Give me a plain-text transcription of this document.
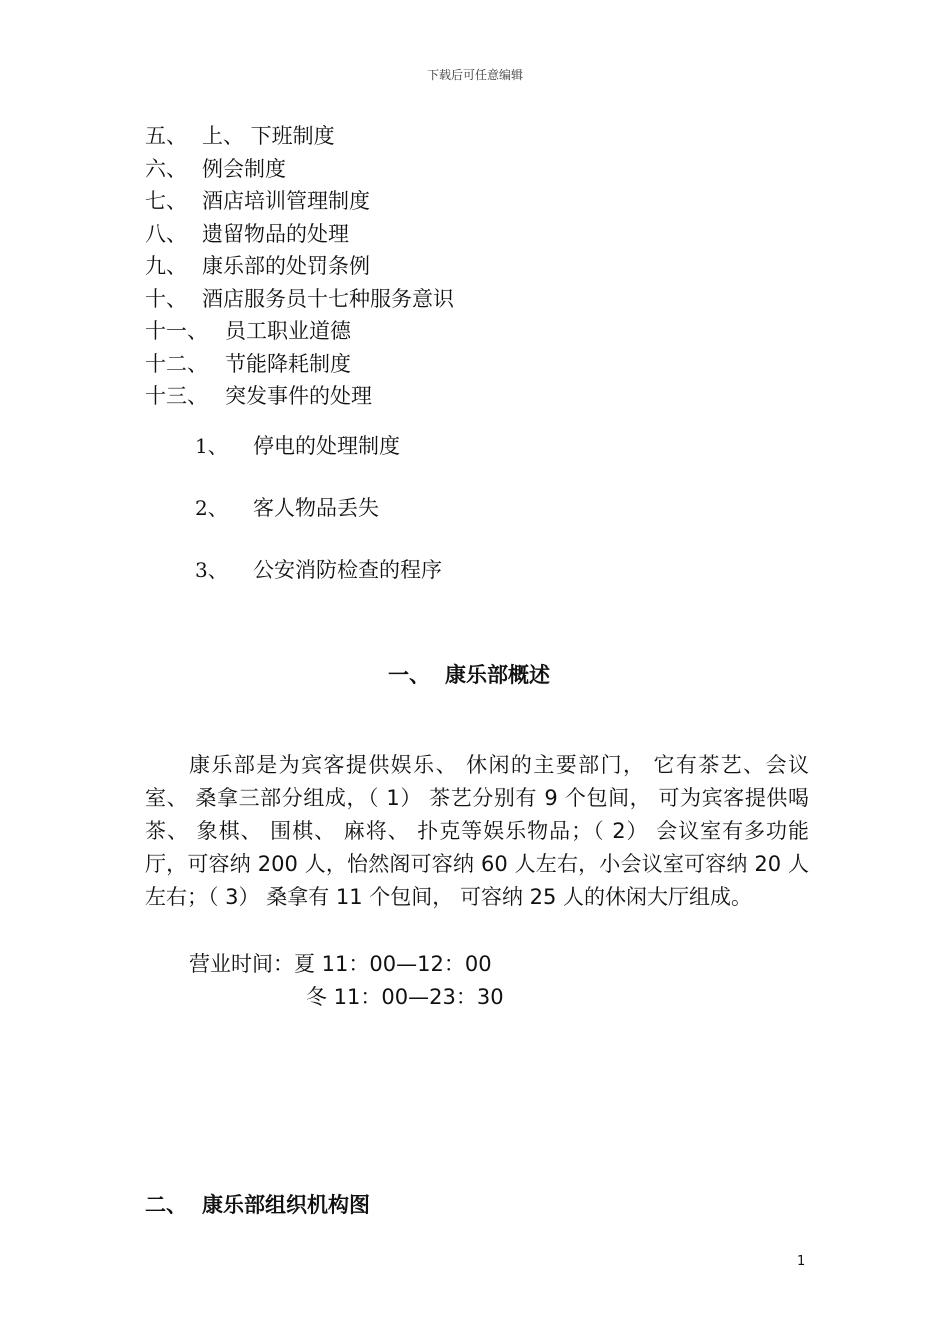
下载后可任意编辑
五、 上、 下班制度
六、 例会制度
七、 酒店培训管理制度
八、 遗留物品的处理
九、 康乐部的处罚条例
十、 酒店服务员十七种服务意识
十一、 员工职业道德
十二、 节能降耗制度
十三、 突发事件的处理
1、 停电的处理制度
2、 客人物品丢失
3、 公安消防检查的程序
一、 康乐部概述
康乐部是为宾客提供娱乐、 休闲的主要部门， 它有茶艺、会议室、 桑拿三部分组成，（ 1） 茶艺分别有 9 个包间， 可为宾客提供喝茶、 象棋、 围棋、 麻将、 扑克等娱乐物品；（ 2） 会议室有多功能厅，可容纳 200 人，怡然阁可容纳 60 人左右，小会议室可容纳 20 人左右；（ 3） 桑拿有 11 个包间， 可容纳 25 人的休闲大厅组成。
营业时间：夏 11：00—12：00
冬 11：00—23：30
二、 康乐部组织机构图
1
